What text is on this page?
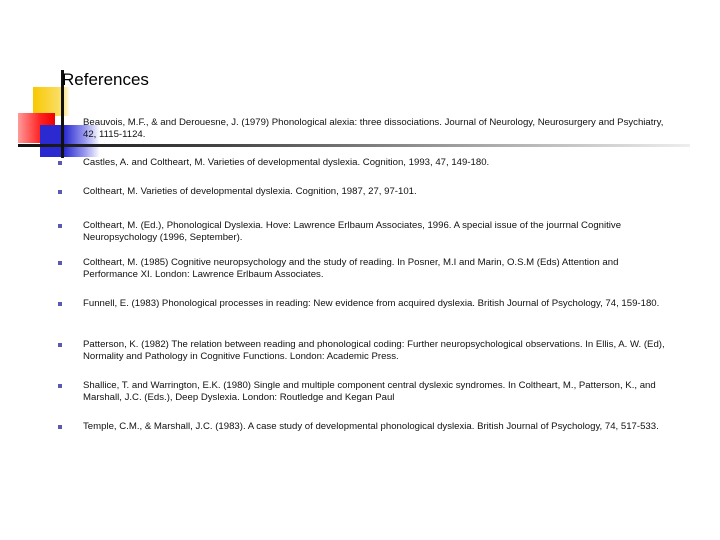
References
Beauvois, M.F., & and Derouesne, J. (1979) Phonological alexia: three dissociations. Journal of Neurology, Neurosurgery and Psychiatry, 42, 1115-1124.
Castles, A. and Coltheart, M. Varieties of developmental dyslexia. Cognition, 1993, 47, 149-180.
Coltheart, M. Varieties of developmental dyslexia. Cognition, 1987, 27, 97-101.
Coltheart, M. (Ed.), Phonological Dyslexia. Hove: Lawrence Erlbaum Associates, 1996. A special issue of the jourrnal Cognitive Neuropsychology (1996, September).
Coltheart, M. (1985) Cognitive neuropsychology and the study of reading. In Posner, M.I and Marin, O.S.M (Eds) Attention and Performance XI. London: Lawrence Erlbaum Associates.
Funnell, E. (1983) Phonological processes in reading: New evidence from acquired dyslexia. British Journal of Psychology, 74, 159-180.
Patterson, K. (1982) The relation between reading and phonological coding: Further neuropsychological observations. In Ellis, A. W. (Ed), Normality and Pathology in Cognitive Functions. London: Academic Press.
Shallice, T. and Warrington, E.K. (1980) Single and multiple component central dyslexic syndromes. In Coltheart, M., Patterson, K., and Marshall, J.C. (Eds.), Deep Dyslexia. London: Routledge and Kegan Paul
Temple, C.M., & Marshall, J.C. (1983). A case study of developmental phonological dyslexia. British Journal of Psychology, 74, 517-533.
